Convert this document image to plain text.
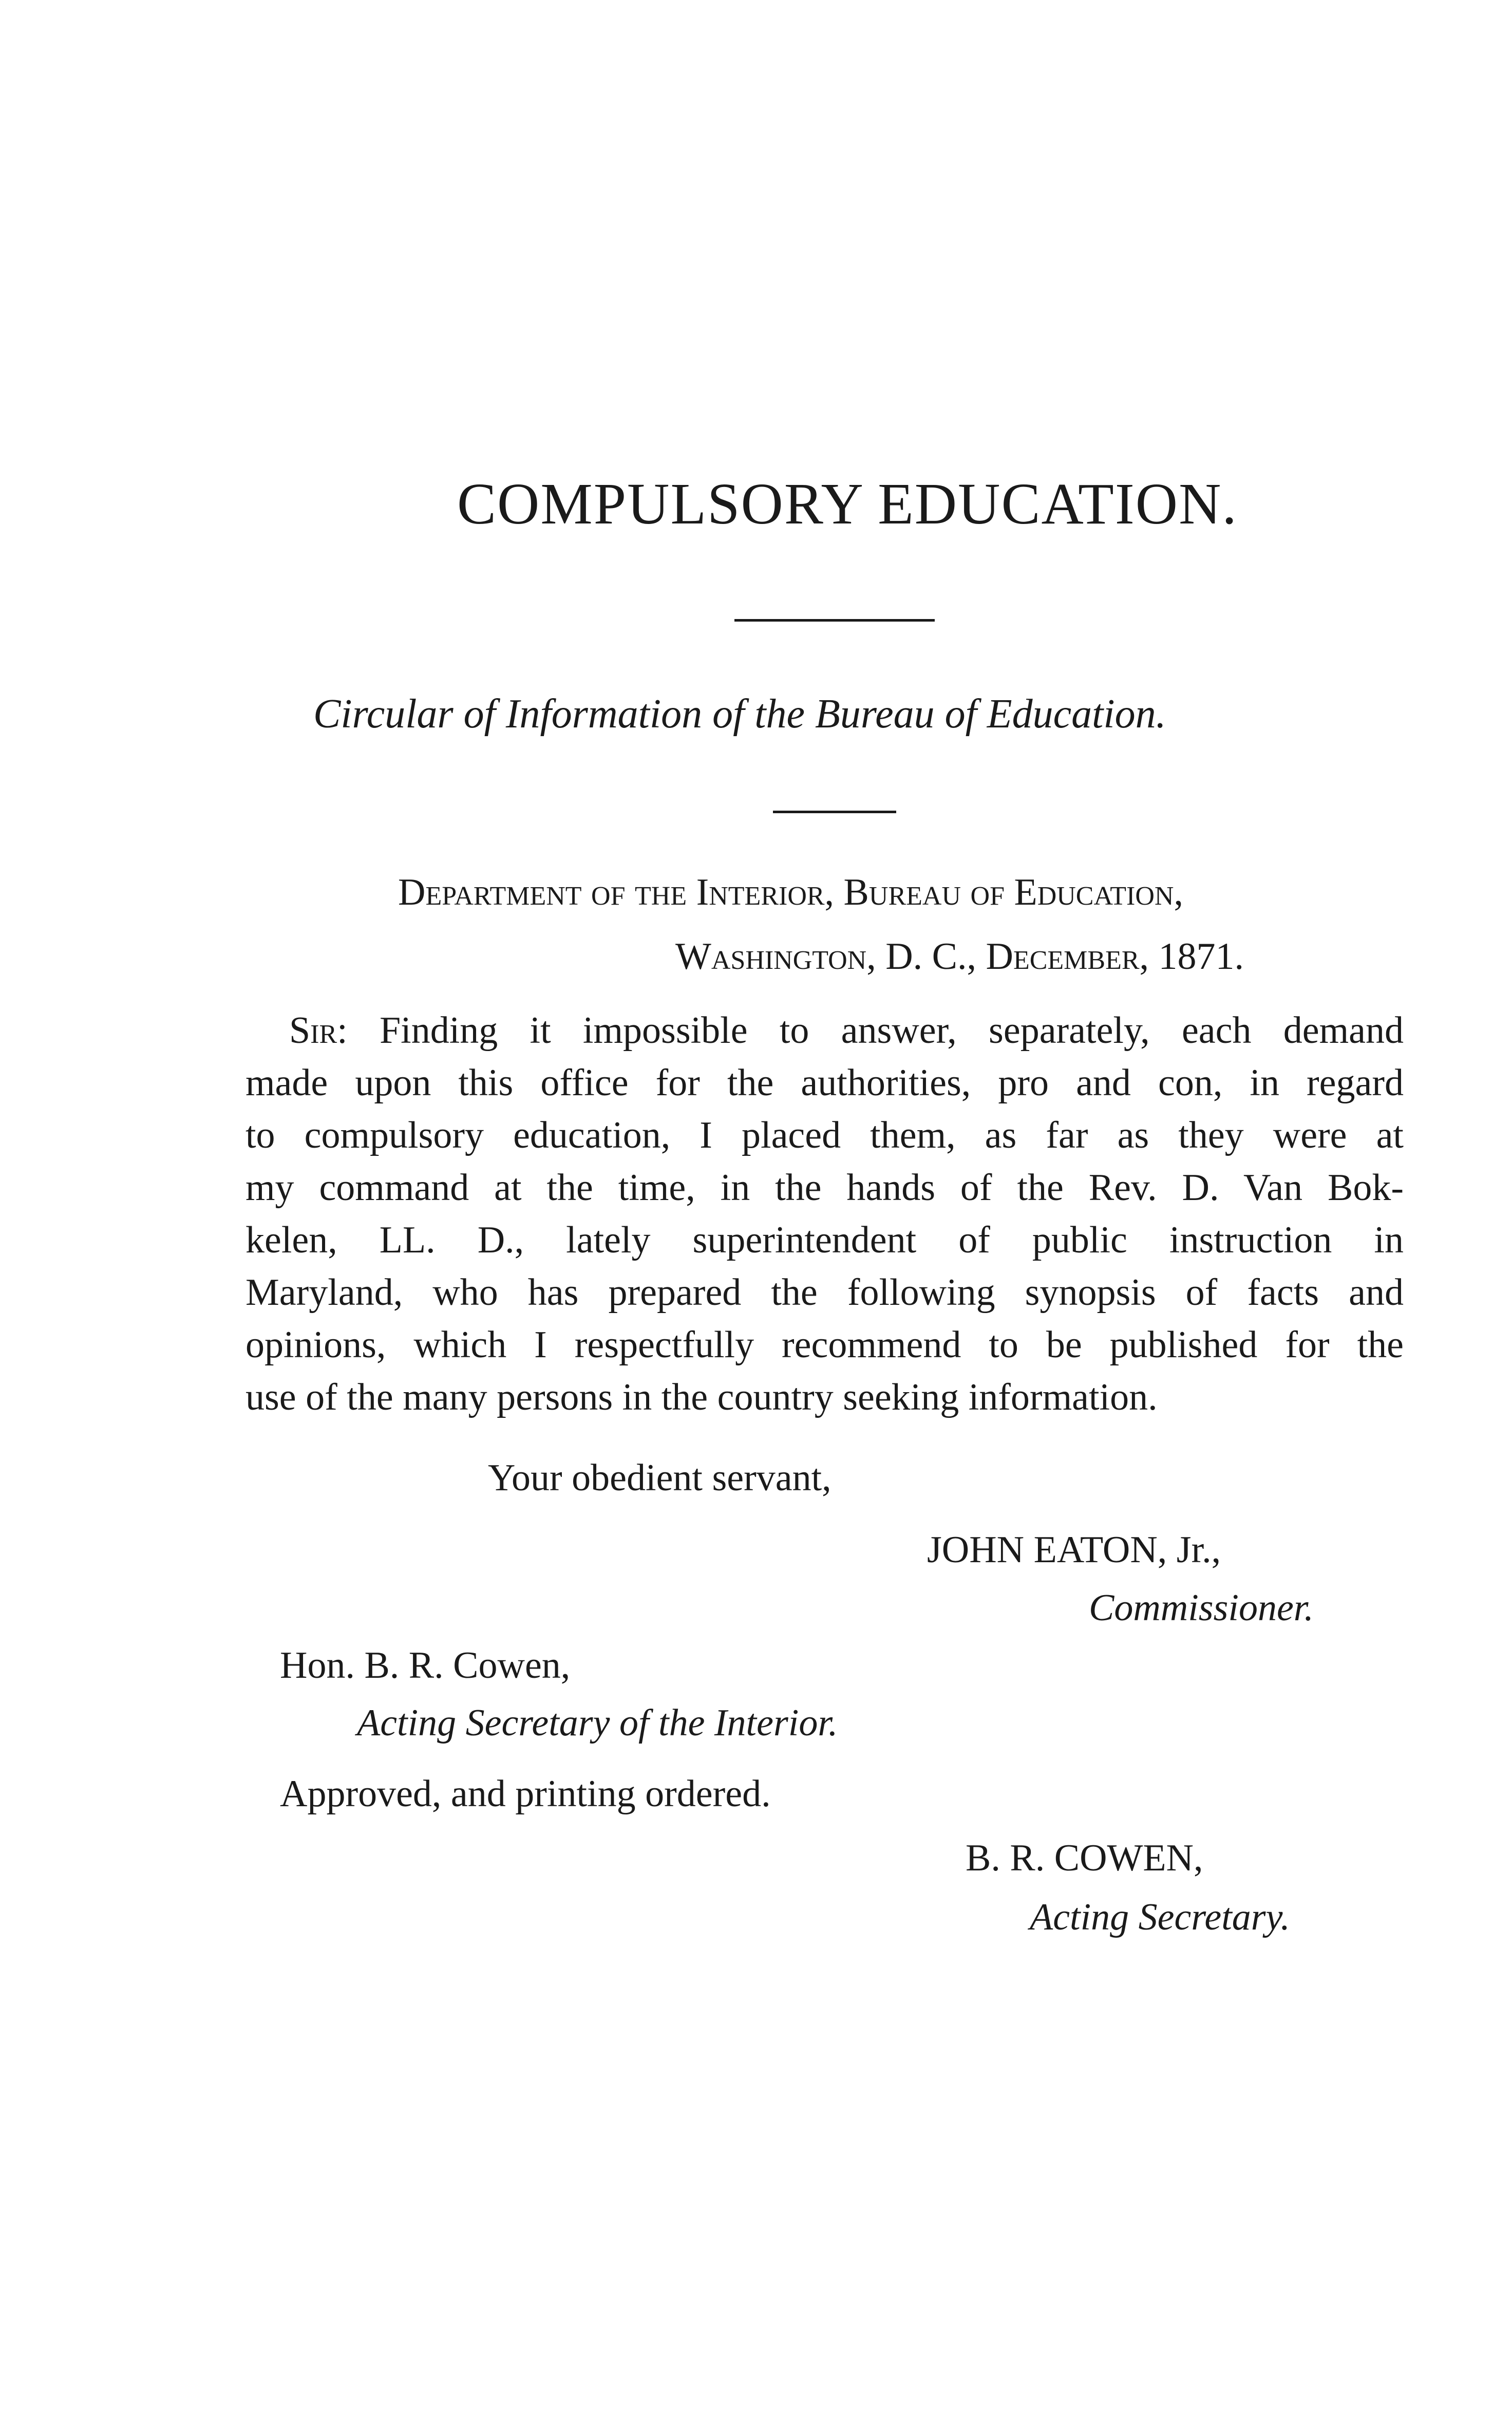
COMPULSORY EDUCATION.
Circular of Information of the Bureau of Education.
Department of the Interior, Bureau of Education,
Washington, D. C., December, 1871.
Sir: Finding it impossible to answer, separately, each demand
made upon this office for the authorities, pro and con, in regard
to compulsory education, I placed them, as far as they were at
my command at the time, in the hands of the Rev. D. Van Bok-
kelen, LL. D., lately superintendent of public instruction in
Maryland, who has prepared the following synopsis of facts and
opinions, which I respectfully recommend to be published for the
use of the many persons in the country seeking information.
Your obedient servant,
JOHN EATON, Jr.,
Commissioner.
Hon. B. R. Cowen,
Acting Secretary of the Interior.
Approved, and printing ordered.
B. R. COWEN,
Acting Secretary.
